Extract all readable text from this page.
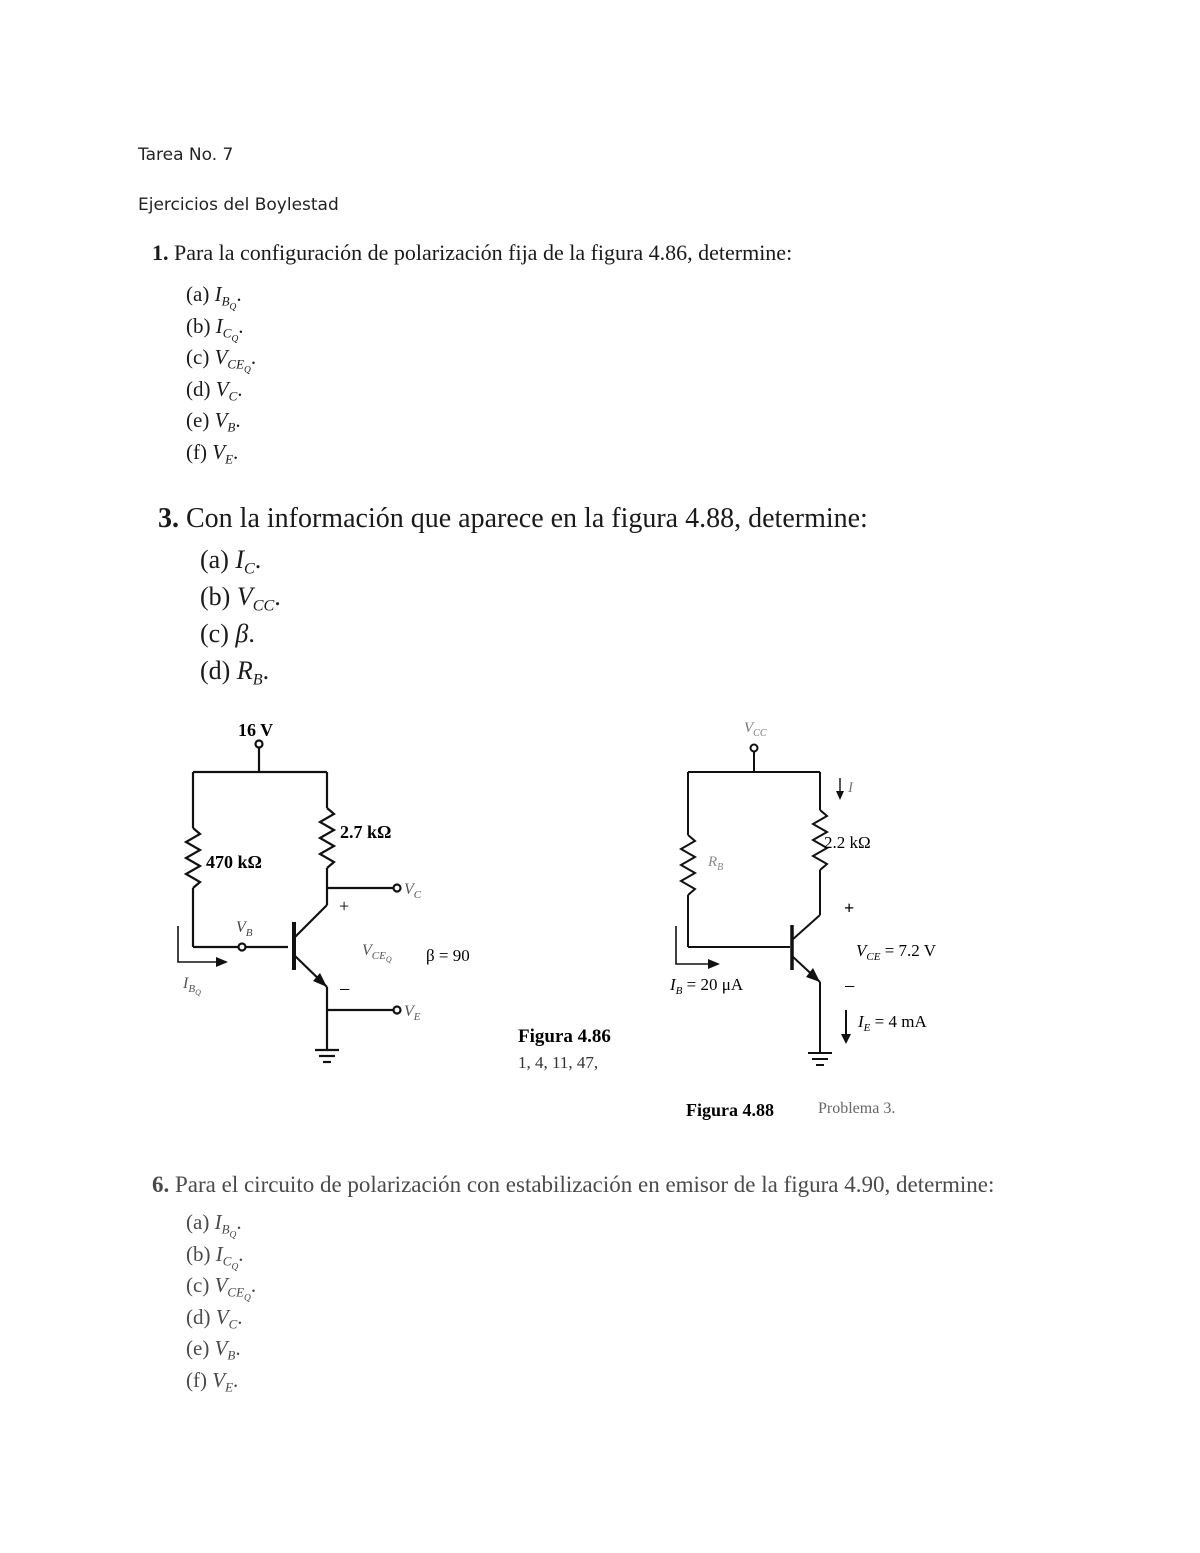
Tarea No. 7
Ejercicios del Boylestad
1. Para la configuración de polarización fija de la figura 4.86, determine:
(a) $I_{BQ}$.
(b) $I_{CQ}$.
(c) $V_{CEQ}$.
(d) $V_C$.
(e) $V_B$.
(f) $V_E$.
3. Con la información que aparece en la figura 4.88, determine:
(a) $I_C$.
(b) $V_{CC}$.
(c) β.
(d) $R_B$.
16 V
470 kΩ
2.7 kΩ
$V_C$
$V_B$
$V_E$
+
−
$V_{CE}Q$ β = 90
$I_BQ$
Figura 4.86
1, 4, 11, 47,
$V_{CC}$
I
$R_B$
2.2 kΩ
+
$V_{CE} = 7.2$ V
−
$I_B = 20$ μA
$I_E = 4$ mA
Figura 4.88	Problema 3.
6. Para el circuito de polarización con estabilización en emisor de la figura 4.90, determine:
(a) $I_{BQ}$.
(b) $I_{CQ}$.
(c) $V_{CEQ}$.
(d) $V_C$.
(e) $V_B$.
(f) $V_E$.
